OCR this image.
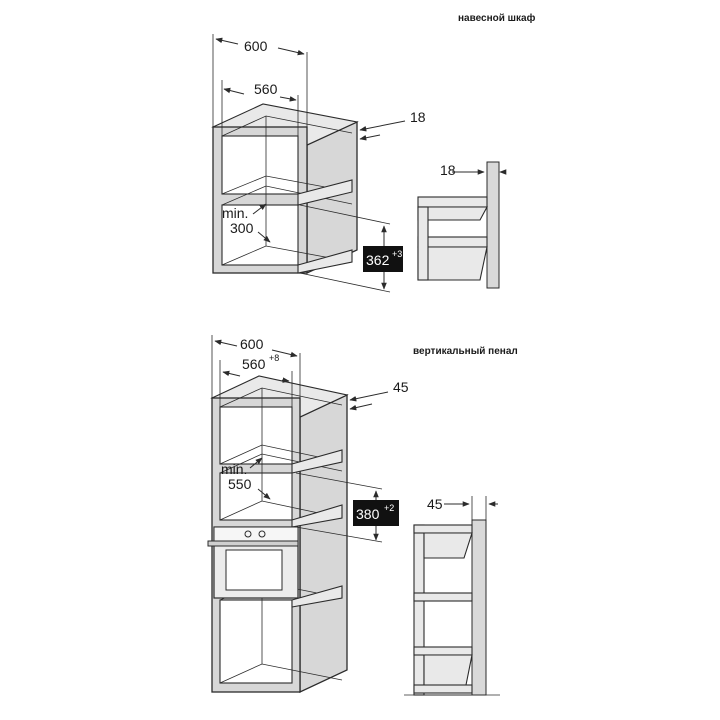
навесной шкаф
600
560
18
min.
300
362 +3
18
вертикальный пенал
600
560 +8
45
min.
550
380 +2 45
